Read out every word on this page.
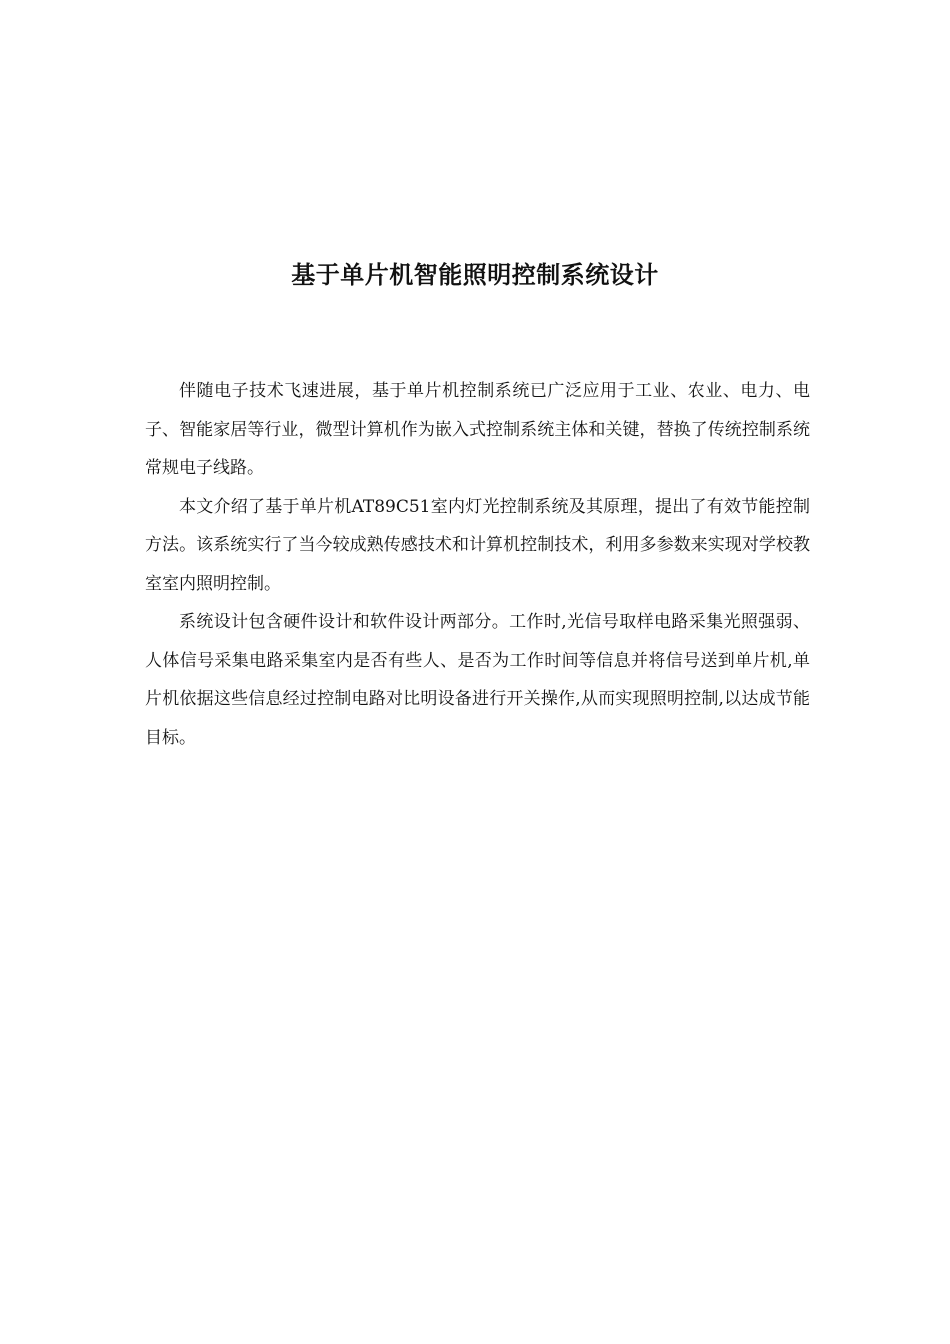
基于单片机智能照明控制系统设计

伴随电子技术飞速进展，基于单片机控制系统已广泛应用于工业、农业、电力、电子、智能家居等行业，微型计算机作为嵌入式控制系统主体和关键，替换了传统控制系统常规电子线路。

本文介绍了基于单片机AT89C51室内灯光控制系统及其原理，提出了有效节能控制方法。该系统实行了当今较成熟传感技术和计算机控制技术，利用多参数来实现对学校教室室内照明控制。

系统设计包含硬件设计和软件设计两部分。工作时,光信号取样电路采集光照强弱、人体信号采集电路采集室内是否有些人、是否为工作时间等信息并将信号送到单片机,单片机依据这些信息经过控制电路对比明设备进行开关操作,从而实现照明控制,以达成节能目标。
